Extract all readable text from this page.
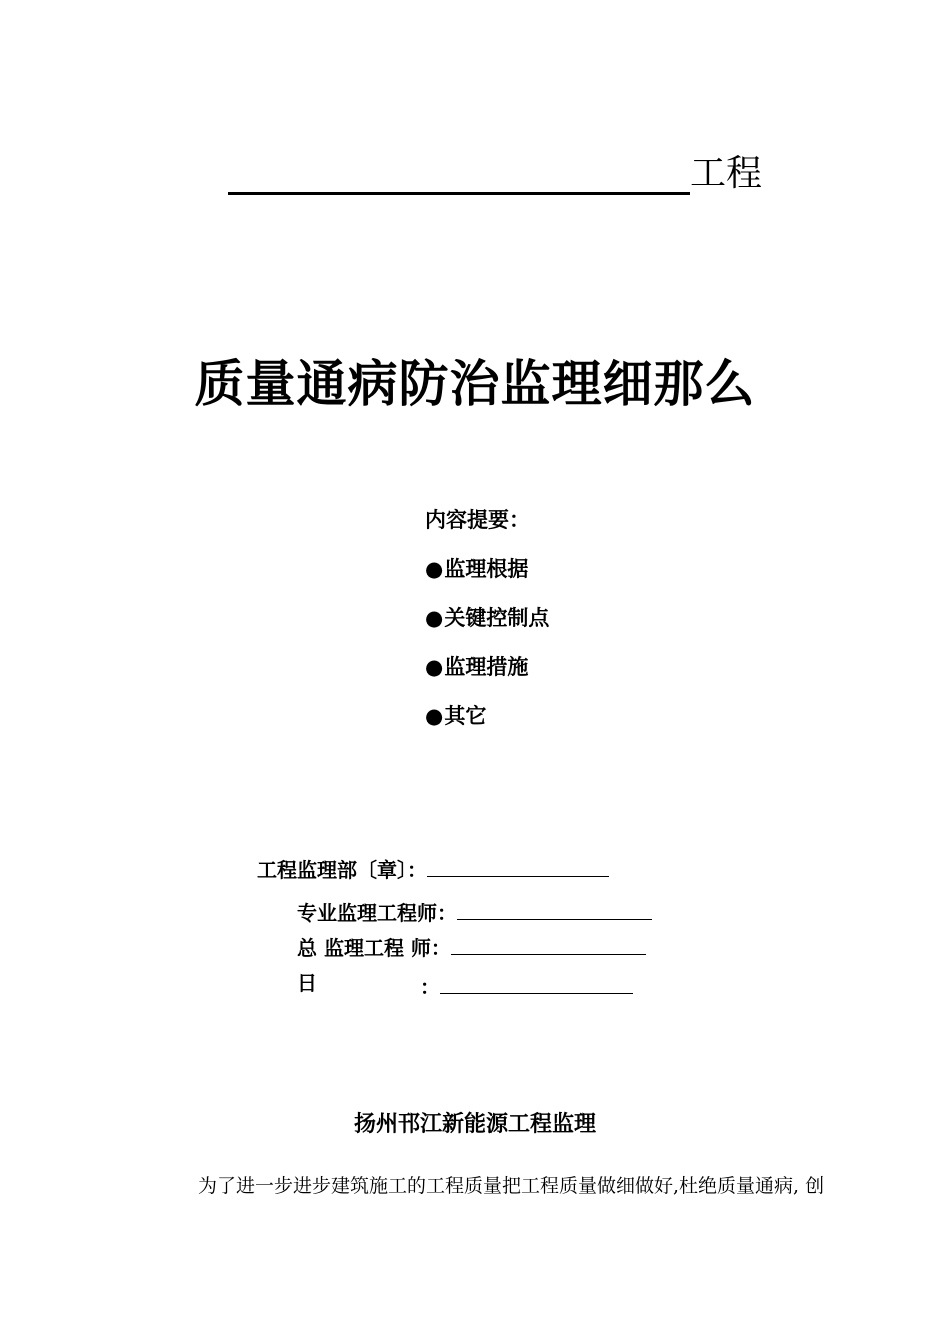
工程
质量通病防治监理细那么
内容提要：
●监理根据
●关键控制点
●监理措施
●其它
工程监理部〔章〕：
专业监理工程师：
总 监理工程 师：
日	：
扬州邗江新能源工程监理
为了进一步进步建筑施工的工程质量把工程质量做细做好,杜绝质量通病, 创
